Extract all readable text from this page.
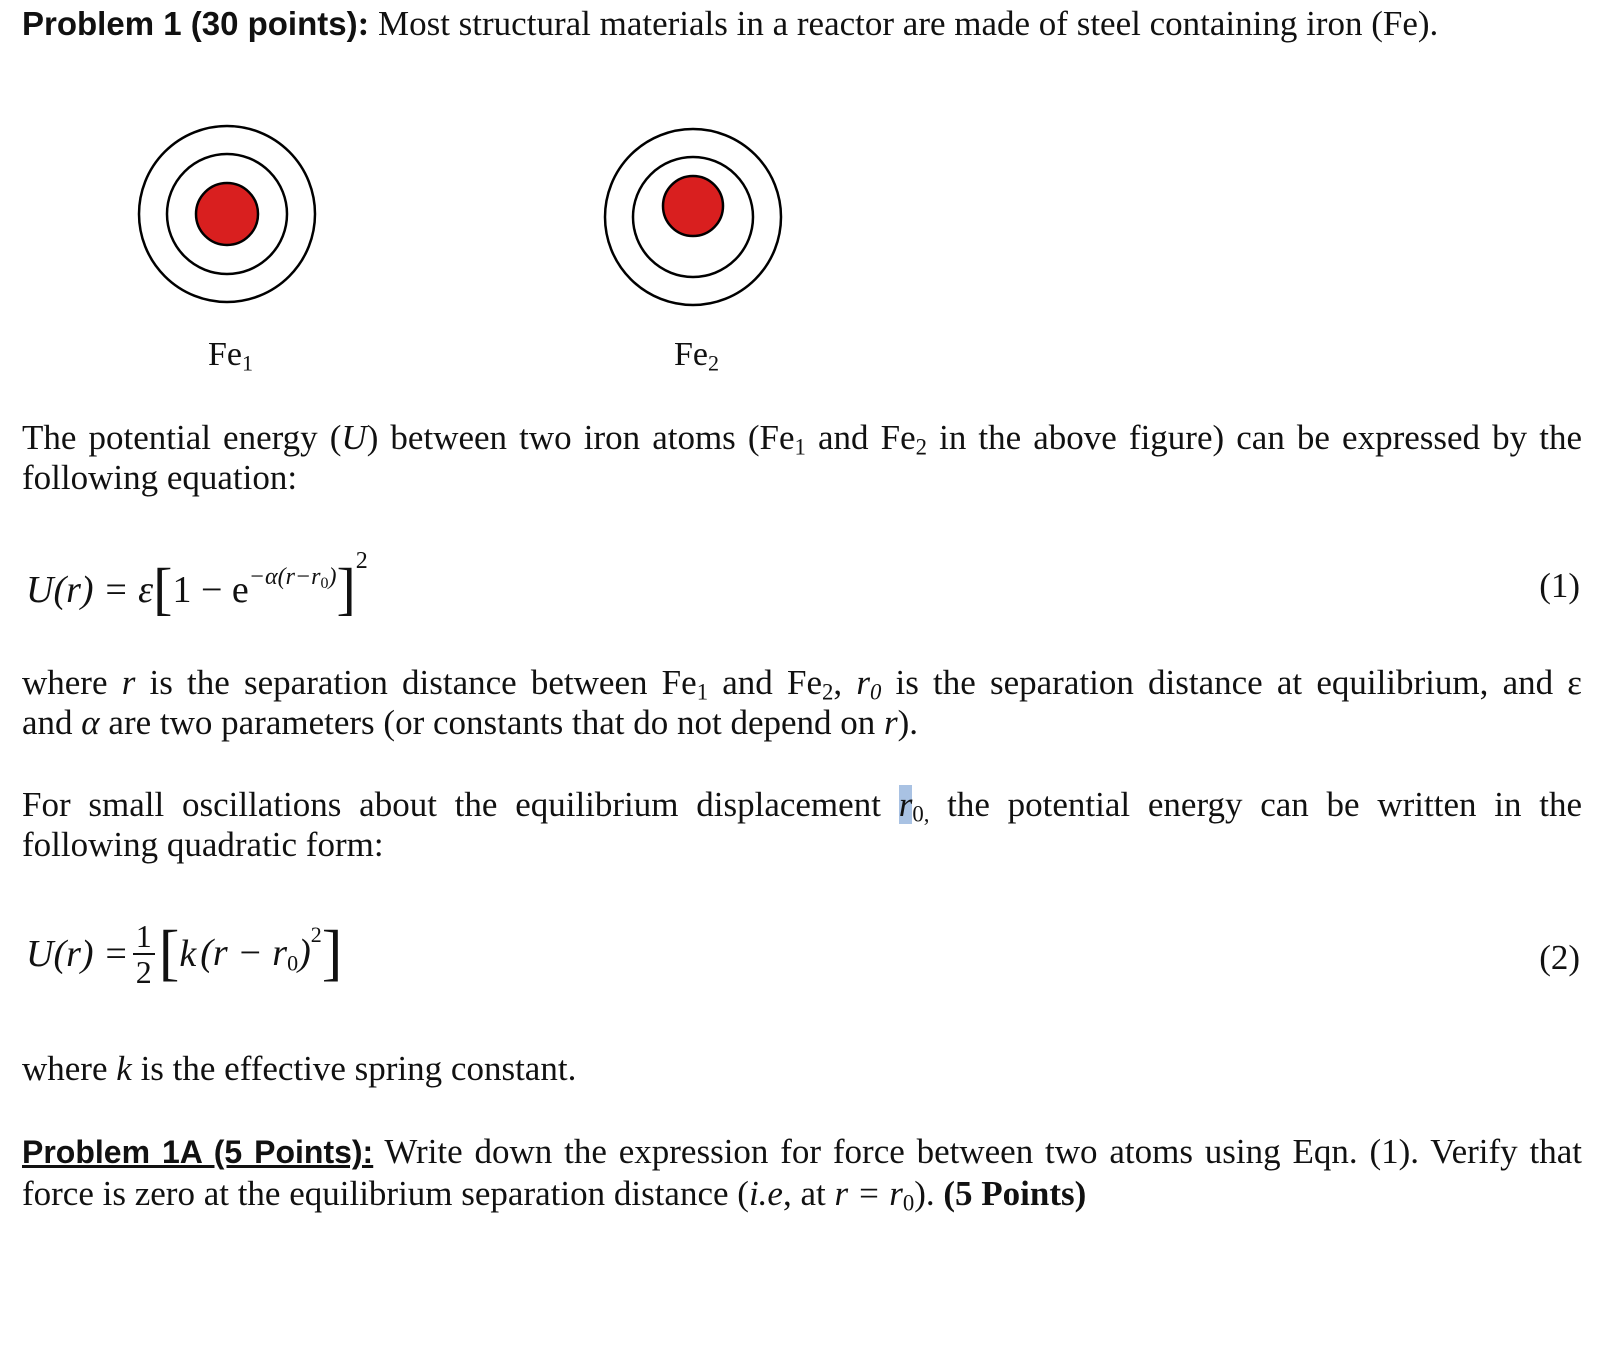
Problem 1 (30 points): Most structural materials in a reactor are made of steel containing iron (Fe).
$Fe_1$	$Fe_2$
The potential energy (U) between two iron atoms ($Fe_1$ and $Fe_2$ in the above figure) can be expressed by the
following equation:
$U(r) = \varepsilon[1 - e^{-\alpha(r-r_0)}]^2$
(1)
where r is the separation distance between $Fe_1$ and $Fe_2$, $r_0$ is the separation distance at equilibrium, and ε
and α are two parameters (or constants that do not depend on r).
For small oscillations about the equilibrium displacement $r_{0,}$ the potential energy can be written in the
following quadratic form:
$U(r) = \frac{1}{2}$ [ k $(r - r_0)^2$ ]	(2)
where k is the effective spring constant.
Problem 1A (5 Points): Write down the expression for force between two atoms using Eqn. (1). Verify that
force is zero at the equilibrium separation distance (i.e, at $r = r_0$). (5 Points)
